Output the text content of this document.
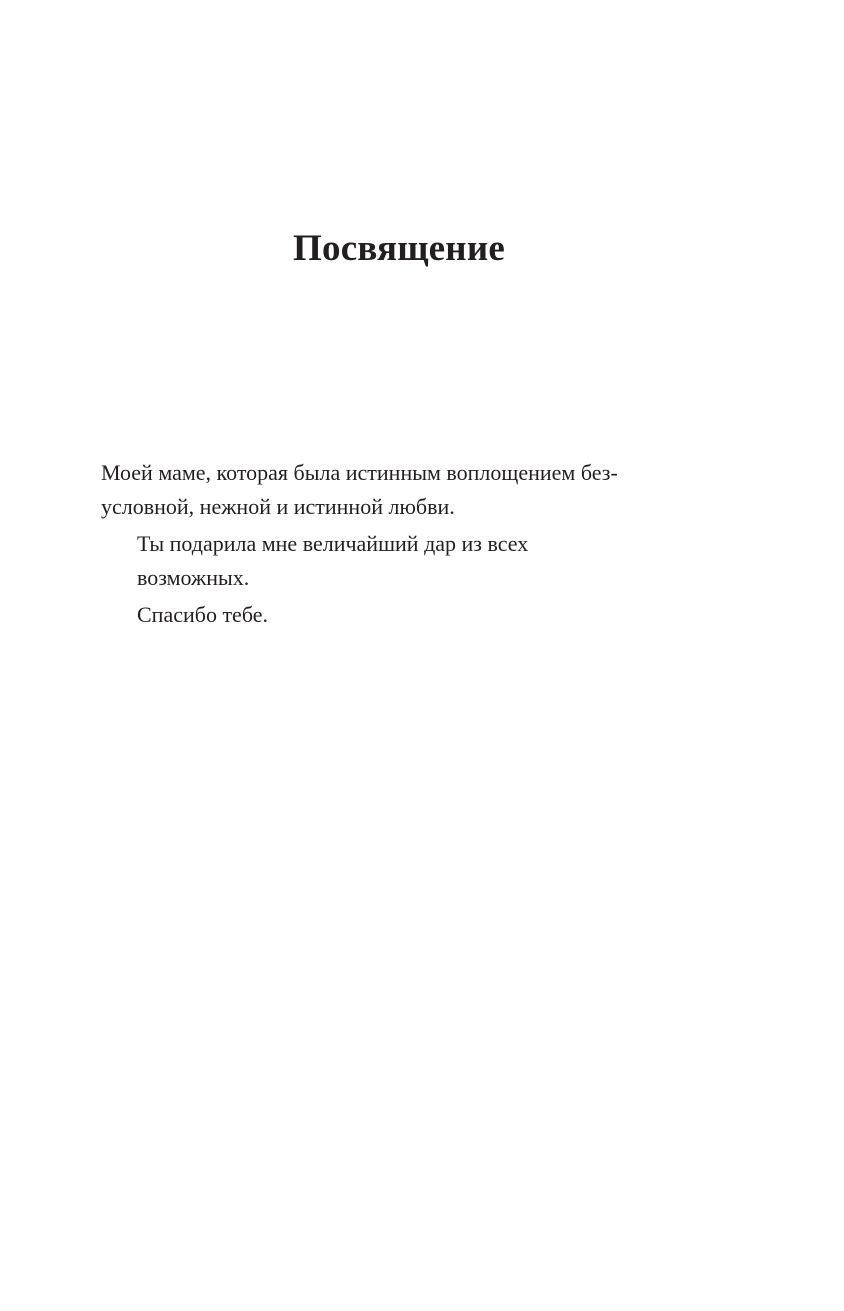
Посвящение
Моей маме, которая была истинным воплощением без-
условной, нежной и истинной любви.
Ты подарила мне величайший дар из всех
возможных.
Спасибо тебе.
